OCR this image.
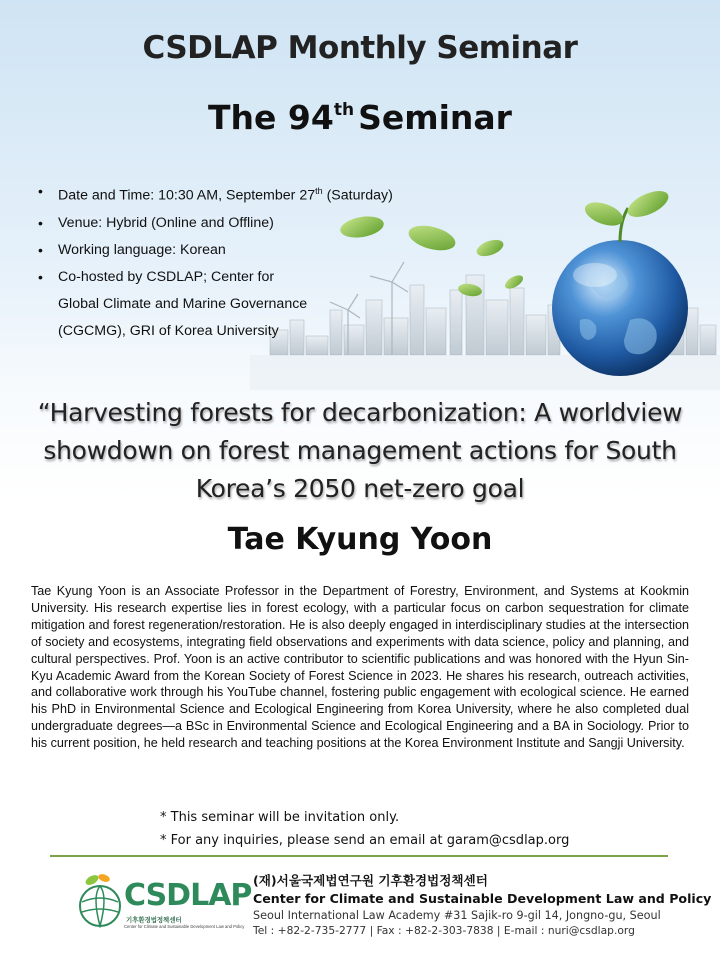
CSDLAP Monthly Seminar
The 94th Seminar
• Date and Time: 10:30 AM, September 27th (Saturday)
• Venue: Hybrid (Online and Offline)
• Working language: Korean
• Co-hosted by CSDLAP; Center for Global Climate and Marine Governance (CGCMG), GRI of Korea University
“Harvesting forests for decarbonization: A worldview showdown on forest management actions for South Korea’s 2050 net-zero goal
Tae Kyung Yoon

Tae Kyung Yoon is an Associate Professor in the Department of Forestry, Environment, and Systems at Kookmin University. His research expertise lies in forest ecology, with a particular focus on carbon sequestration for climate mitigation and forest regeneration/restoration. He is also deeply engaged in interdisciplinary studies at the intersection of society and ecosystems, integrating field observations and experiments with data science, policy and planning, and cultural perspectives. Prof. Yoon is an active contributor to scientific publications and was honored with the Hyun Sin-Kyu Academic Award from the Korean Society of Forest Science in 2023. He shares his research, outreach activities, and collaborative work through his YouTube channel, fostering public engagement with ecological science. He earned his PhD in Environmental Science and Ecological Engineering from Korea University, where he also completed dual undergraduate degrees—a BSc in Environmental Science and Ecological Engineering and a BA in Sociology. Prior to his current position, he held research and teaching positions at the Korea Environment Institute and Sangji University.

* This seminar will be invitation only.
* For any inquiries, please send an email at garam@csdlap.org
CSDLAP
기후환경법정책센터
Center for Climate and Sustainable Development Law and Policy
(재)서울국제법연구원 기후환경법정책센터
Center for Climate and Sustainable Development Law and Policy
Seoul International Law Academy #31 Sajik-ro 9-gil 14, Jongno-gu, Seoul
Tel : +82-2-735-2777 | Fax : +82-2-303-7838 | E-mail : nuri@csdlap.org
